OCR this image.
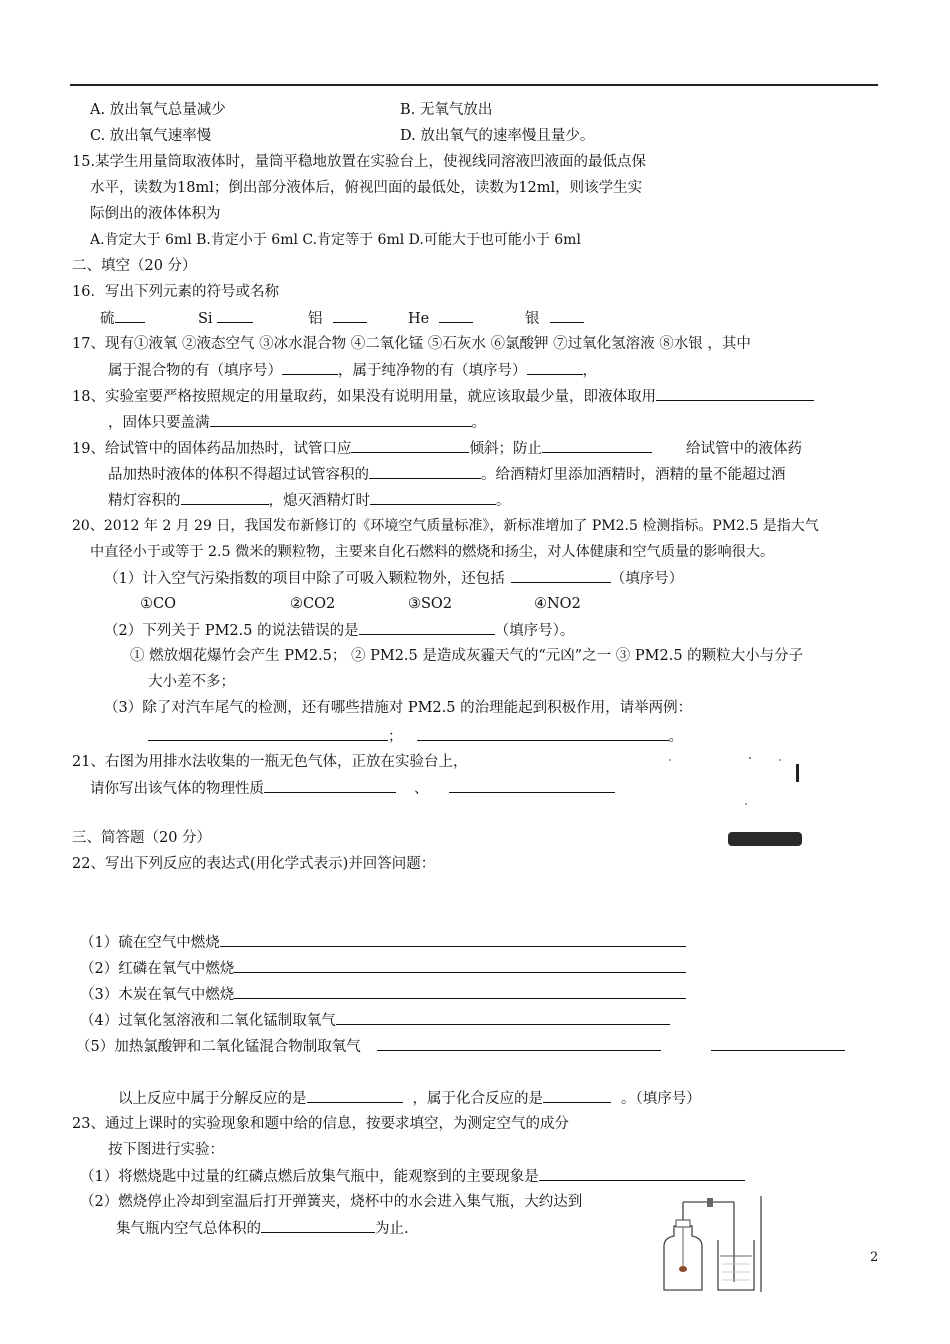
A. 放出氧气总量减少	B. 无氧气放出
C. 放出氧气速率慢	D. 放出氧气的速率慢且量少。
15.某学生用量筒取液体时，量筒平稳地放置在实验台上，使视线同溶液凹液面的最低点保
水平，读数为18ml；倒出部分液体后，俯视凹面的最低处，读数为12ml，则该学生实
际倒出的液体体积为
A.肯定大于 6ml B.肯定小于 6ml C.肯定等于 6ml D.可能大于也可能小于 6ml
二、填空（20 分）
16．写出下列元素的符号或名称
硫	Si	铝	He	银
17、现有①液氧 ②液态空气 ③冰水混合物 ④二氧化锰 ⑤石灰水 ⑥氯酸钾 ⑦过氧化氢溶液 ⑧水银 ，其中
属于混合物的有（填序号）	，属于纯净物的有（填序号）	，
18、实验室要严格按照规定的用量取药，如果没有说明用量，就应该取最少量，即液体取用
，固体只要盖满	。
19、给试管中的固体药品加热时，试管口应	倾斜；防止	给试管中的液体药
品加热时液体的体积不得超过试管容积的	。给酒精灯里添加酒精时，酒精的量不能超过酒
精灯容积的	，熄灭酒精灯时	。
20、2012 年 2 月 29 日，我国发布新修订的《环境空气质量标准》，新标准增加了 PM2.5 检测指标。PM2.5 是指大气
中直径小于或等于 2.5 微米的颗粒物，主要来自化石燃料的燃烧和扬尘，对人体健康和空气质量的影响很大。
（1）计入空气污染指数的项目中除了可吸入颗粒物外，还包括	（填序号）
①CO	②CO2	③SO2	④NO2
（2）下列关于 PM2.5 的说法错误的是	（填序号）。
① 燃放烟花爆竹会产生 PM2.5； ② PM2.5 是造成灰霾天气的“元凶”之一 ③ PM2.5 的颗粒大小与分子
大小差不多；
（3）除了对汽车尾气的检测，还有哪些措施对 PM2.5 的治理能起到积极作用，请举两例：
；	。
21、右图为用排水法收集的一瓶无色气体，正放在实验台上，
请你写出该气体的物理性质	、
三、简答题（20 分）
22、写出下列反应的表达式(用化学式表示)并回答问题：
（1）硫在空气中燃烧
（2）红磷在氧气中燃烧
（3）木炭在氧气中燃烧
（4）过氧化氢溶液和二氧化锰制取氧气
（5）加热氯酸钾和二氧化锰混合物制取氧气
以上反应中属于分解反应的是	，属于化合反应的是	。（填序号）
23、通过上课时的实验现象和题中给的信息，按要求填空，为测定空气的成分
按下图进行实验：
（1）将燃烧匙中过量的红磷点燃后放集气瓶中，能观察到的主要现象是
（2）燃烧停止冷却到室温后打开弹簧夹，烧杯中的水会进入集气瓶，大约达到
集气瓶内空气总体积的	为止.
2
